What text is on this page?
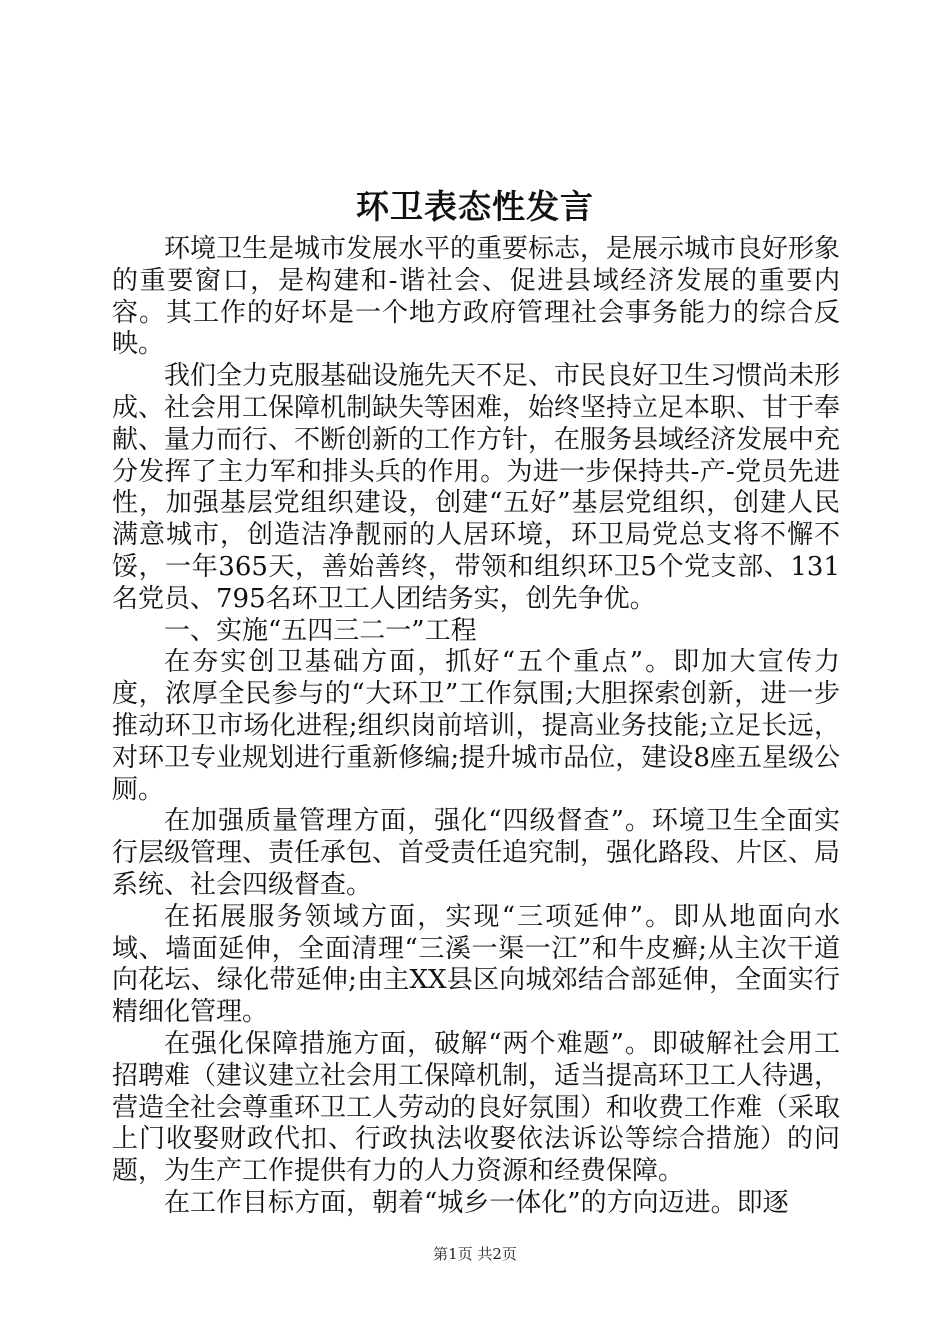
环卫表态性发言

环境卫生是城市发展水平的重要标志，是展示城市良好形象的重要窗口，是构建和-谐社会、促进县域经济发展的重要内容。其工作的好坏是一个地方政府管理社会事务能力的综合反映。

我们全力克服基础设施先天不足、市民良好卫生习惯尚未形成、社会用工保障机制缺失等困难，始终坚持立足本职、甘于奉献、量力而行、不断创新的工作方针，在服务县域经济发展中充分发挥了主力军和排头兵的作用。为进一步保持共-产-党员先进性，加强基层党组织建设，创建“五好”基层党组织，创建人民满意城市，创造洁净靓丽的人居环境，环卫局党总支将不懈不馁，一年365天，善始善终，带领和组织环卫5个党支部、131名党员、795名环卫工人团结务实，创先争优。

一、实施“五四三二一”工程

在夯实创卫基础方面，抓好“五个重点”。即加大宣传力度，浓厚全民参与的“大环卫”工作氛围;大胆探索创新，进一步推动环卫市场化进程;组织岗前培训，提高业务技能;立足长远，对环卫专业规划进行重新修编;提升城市品位，建设8座五星级公厕。

在加强质量管理方面，强化“四级督查”。环境卫生全面实行层级管理、责任承包、首受责任追究制，强化路段、片区、局系统、社会四级督查。

在拓展服务领域方面，实现“三项延伸”。即从地面向水域、墙面延伸，全面清理“三溪一渠一江”和牛皮癣;从主次干道向花坛、绿化带延伸;由主XX县区向城郊结合部延伸，全面实行精细化管理。

在强化保障措施方面，破解“两个难题”。即破解社会用工招聘难（建议建立社会用工保障机制，适当提高环卫工人待遇，营造全社会尊重环卫工人劳动的良好氛围）和收费工作难（采取上门收娶财政代扣、行政执法收娶依法诉讼等综合措施）的问题，为生产工作提供有力的人力资源和经费保障。

在工作目标方面，朝着“城乡一体化”的方向迈进。即逐

第1页 共2页
